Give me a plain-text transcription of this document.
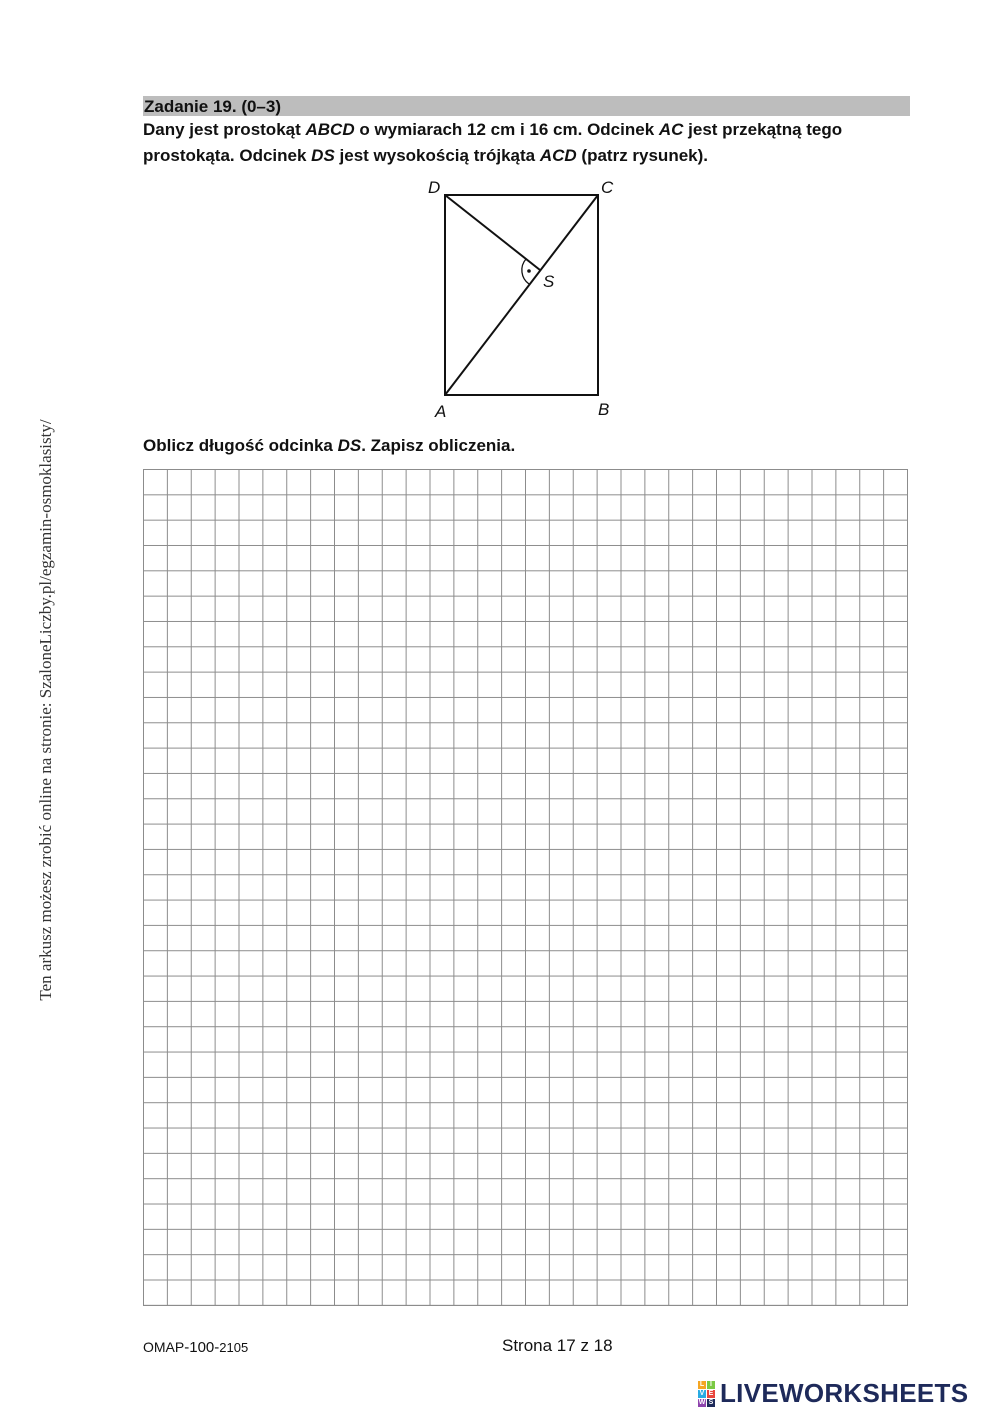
Ten arkusz możesz zrobić online na stronie: SzaloneLiczby.pl/egzamin-osmoklasisty/
Zadanie 19. (0–3)
Dany jest prostokąt ABCD o wymiarach 12 cm i 16 cm. Odcinek AC jest przekątną tego
prostokąta. Odcinek DS jest wysokością trójkąta ACD (patrz rysunek).
D	C
S
A	B
Oblicz długość odcinka DS. Zapisz obliczenia.
OMAP-100-2105	Strona 17 z 18
L I
V E
W S LIVEWORKSHEETS
